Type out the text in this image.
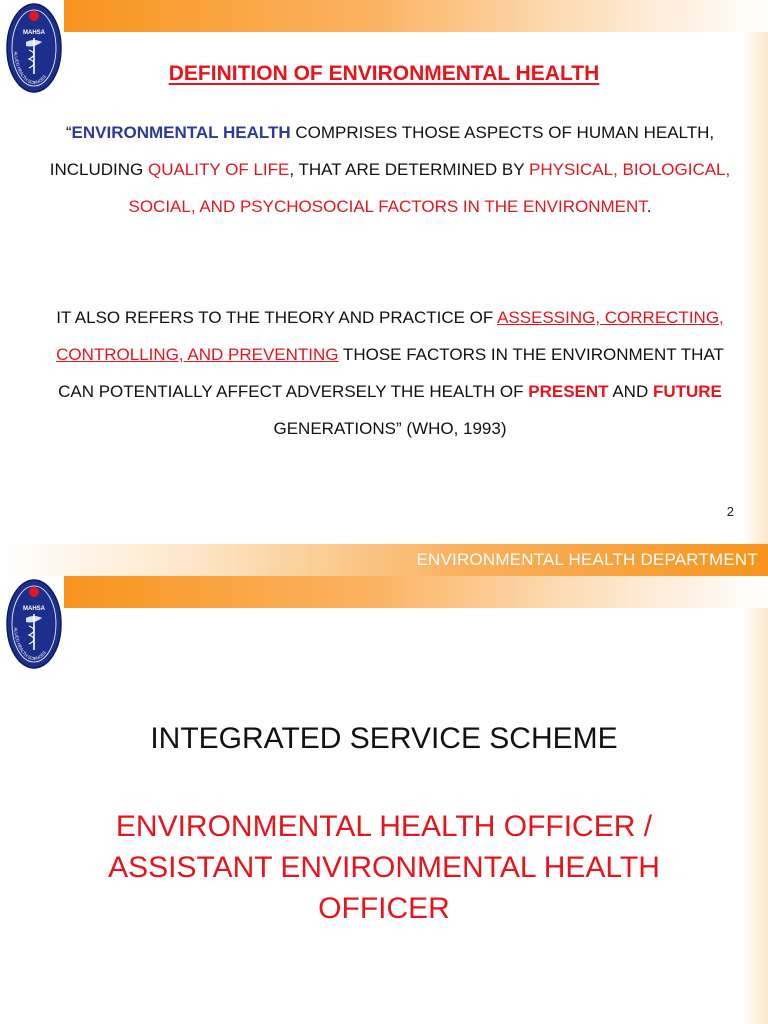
MAHSA
ALLIED HEALTH SCIENCES	DEFINITION OF ENVIRONMENTAL HEALTH
“ENVIRONMENTAL HEALTH COMPRISES THOSE ASPECTS OF HUMAN HEALTH, INCLUDING QUALITY OF LIFE, THAT ARE DETERMINED BY PHYSICAL, BIOLOGICAL, SOCIAL, AND PSYCHOSOCIAL FACTORS IN THE ENVIRONMENT.
IT ALSO REFERS TO THE THEORY AND PRACTICE OF ASSESSING, CORRECTING, CONTROLLING, AND PREVENTING THOSE FACTORS IN THE ENVIRONMENT THAT CAN POTENTIALLY AFFECT ADVERSELY THE HEALTH OF PRESENT AND FUTURE GENERATIONS” (WHO, 1993)
2
ENVIRONMENTAL HEALTH DEPARTMENT
MAHSA
ALLIED HEALTH SCIENCES
INTEGRATED SERVICE SCHEME
ENVIRONMENTAL HEALTH OFFICER / ASSISTANT ENVIRONMENTAL HEALTH OFFICER
